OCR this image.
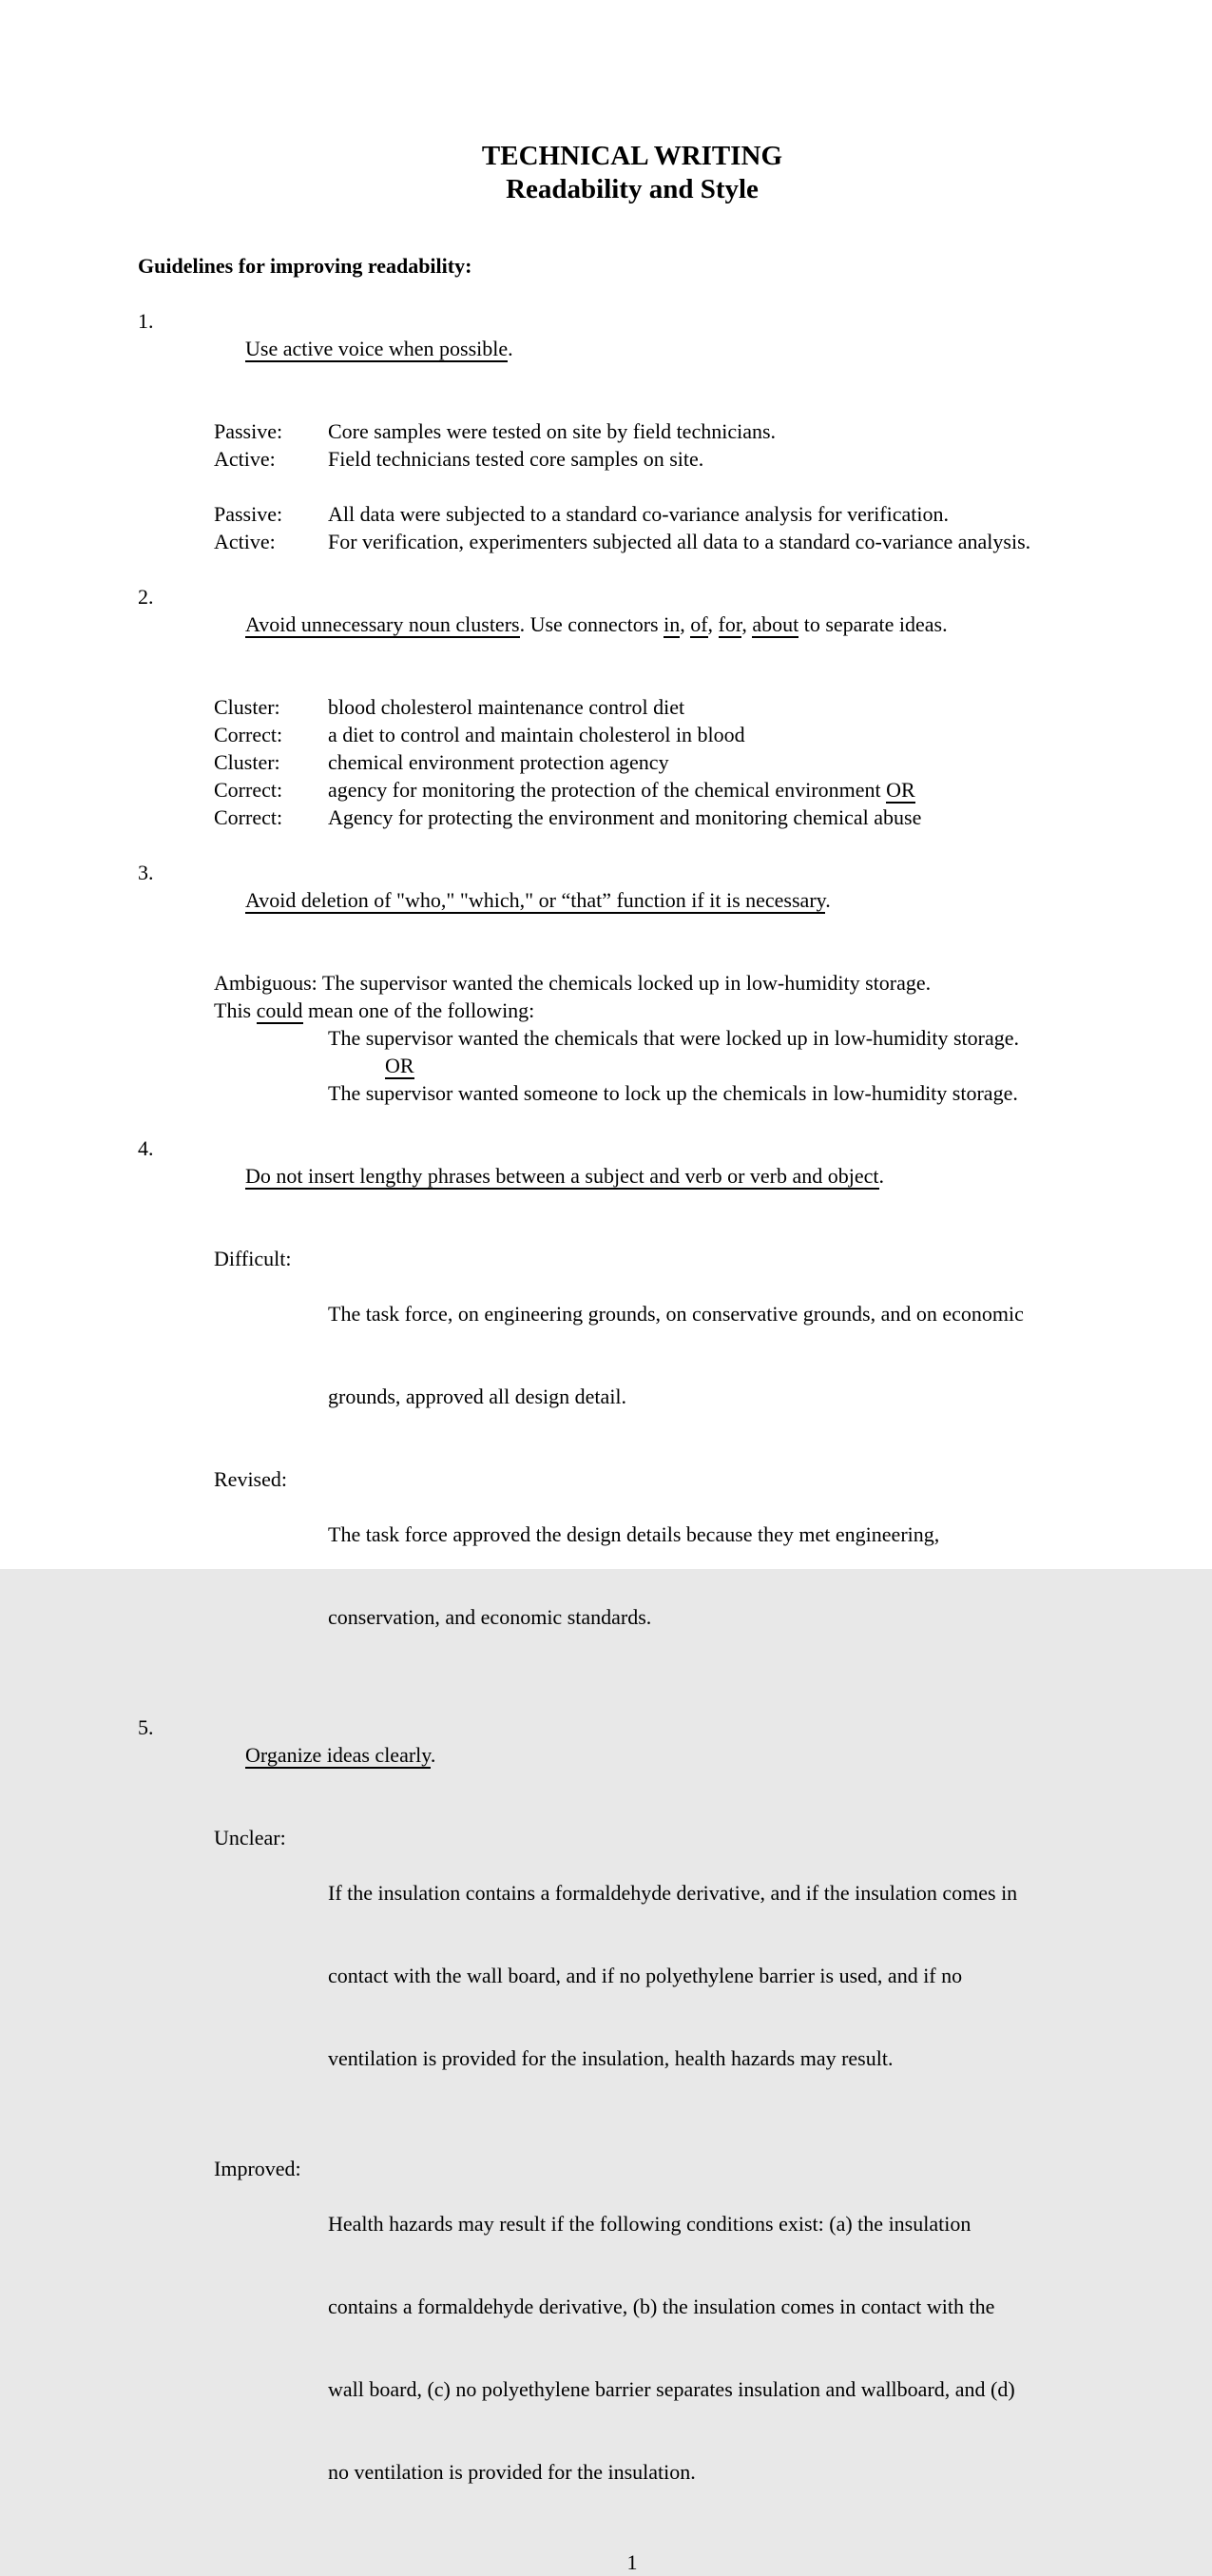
TECHNICAL WRITING
Readability and Style
Guidelines for improving readability:

1.
Use active voice when possible.

Passive:	Core samples were tested on site by field technicians.
Active:	Field technicians tested core samples on site.
Passive:	All data were subjected to a standard co-variance analysis for verification.
Active:	For verification, experimenters subjected all data to a standard co-variance analysis.

2.
Avoid unnecessary noun clusters. Use connectors in, of, for, about to separate ideas.

Cluster:	blood cholesterol maintenance control diet
Correct:	a diet to control and maintain cholesterol in blood
Cluster:	chemical environment protection agency
Correct:	agency for monitoring the protection of the chemical environment OR
Correct:	Agency for protecting the environment and monitoring chemical abuse

3.
Avoid deletion of "who," "which," or “that” function if it is necessary.

Ambiguous: The supervisor wanted the chemicals locked up in low-humidity storage.
This could mean one of the following:
The supervisor wanted the chemicals that were locked up in low-humidity storage.
OR
The supervisor wanted someone to lock up the chemicals in low-humidity storage.

4.
Do not insert lengthy phrases between a subject and verb or verb and object.

Difficult:

The task force, on engineering grounds, on conservative grounds, and on economic

grounds, approved all design detail.

Revised:

The task force approved the design details because they met engineering,

conservation, and economic standards.

5.
Organize ideas clearly.

Unclear:

If the insulation contains a formaldehyde derivative, and if the insulation comes in

contact with the wall board, and if no polyethylene barrier is used, and if no

ventilation is provided for the insulation, health hazards may result.

Improved:

Health hazards may result if the following conditions exist: (a) the insulation

contains a formaldehyde derivative, (b) the insulation comes in contact with the

wall board, (c) no polyethylene barrier separates insulation and wallboard, and (d)

no ventilation is provided for the insulation.

1
